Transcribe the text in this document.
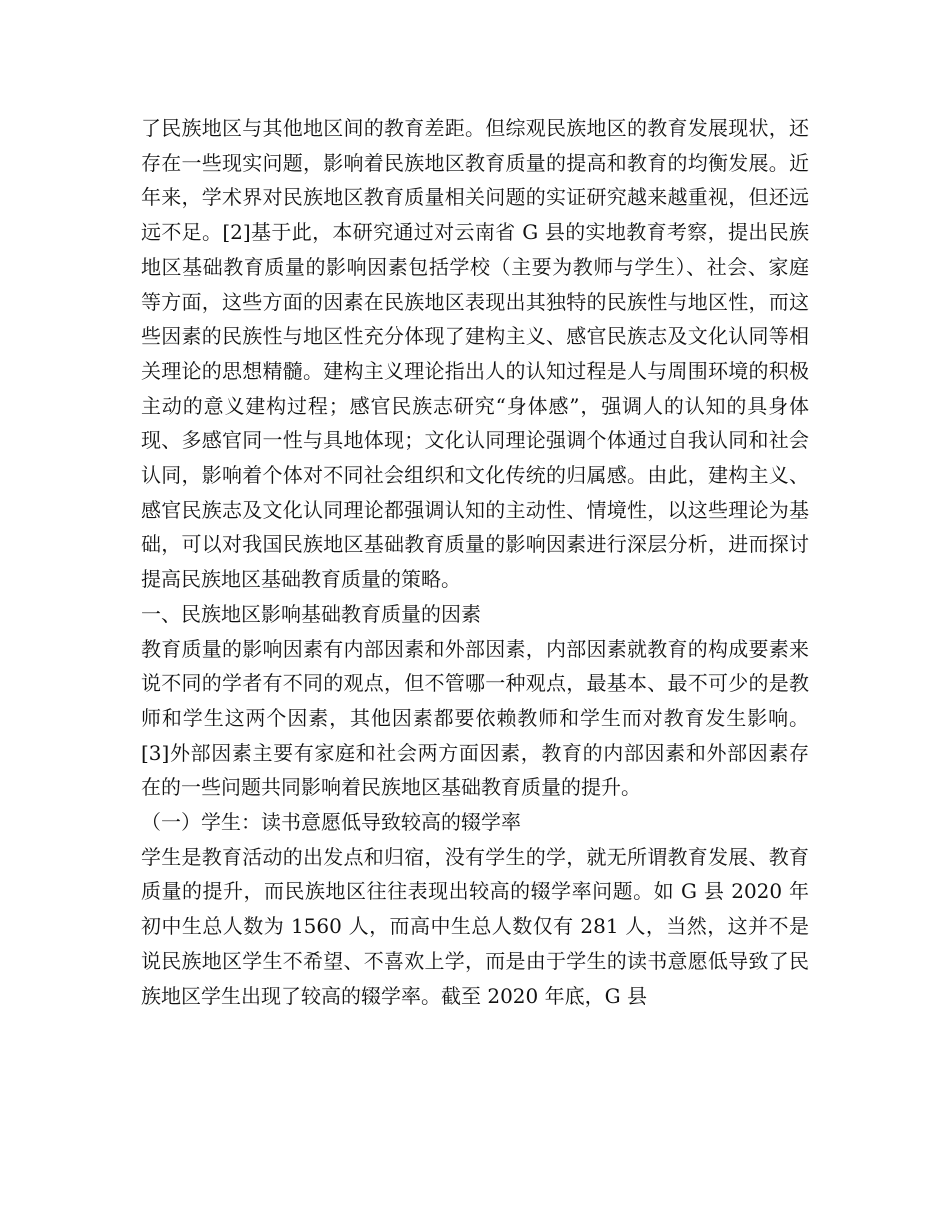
了民族地区与其他地区间的教育差距。但综观民族地区的教育发展现状，还存在一些现实问题，影响着民族地区教育质量的提高和教育的均衡发展。近年来，学术界对民族地区教育质量相关问题的实证研究越来越重视，但还远远不足。[2]基于此，本研究通过对云南省 G 县的实地教育考察，提出民族地区基础教育质量的影响因素包括学校（主要为教师与学生）、社会、家庭等方面，这些方面的因素在民族地区表现出其独特的民族性与地区性，而这些因素的民族性与地区性充分体现了建构主义、感官民族志及文化认同等相关理论的思想精髓。建构主义理论指出人的认知过程是人与周围环境的积极主动的意义建构过程；感官民族志研究“身体感”，强调人的认知的具身体现、多感官同一性与具地体现；文化认同理论强调个体通过自我认同和社会认同，影响着个体对不同社会组织和文化传统的归属感。由此，建构主义、感官民族志及文化认同理论都强调认知的主动性、情境性，以这些理论为基础，可以对我国民族地区基础教育质量的影响因素进行深层分析，进而探讨提高民族地区基础教育质量的策略。

一、民族地区影响基础教育质量的因素

教育质量的影响因素有内部因素和外部因素，内部因素就教育的构成要素来说不同的学者有不同的观点，但不管哪一种观点，最基本、最不可少的是教师和学生这两个因素，其他因素都要依赖教师和学生而对教育发生影响。[3]外部因素主要有家庭和社会两方面因素，教育的内部因素和外部因素存在的一些问题共同影响着民族地区基础教育质量的提升。

（一）学生：读书意愿低导致较高的辍学率

学生是教育活动的出发点和归宿，没有学生的学，就无所谓教育发展、教育质量的提升，而民族地区往往表现出较高的辍学率问题。如 G 县 2020 年初中生总人数为 1560 人，而高中生总人数仅有 281 人，当然，这并不是说民族地区学生不希望、不喜欢上学，而是由于学生的读书意愿低导致了民族地区学生出现了较高的辍学率。截至 2020 年底，G 县
